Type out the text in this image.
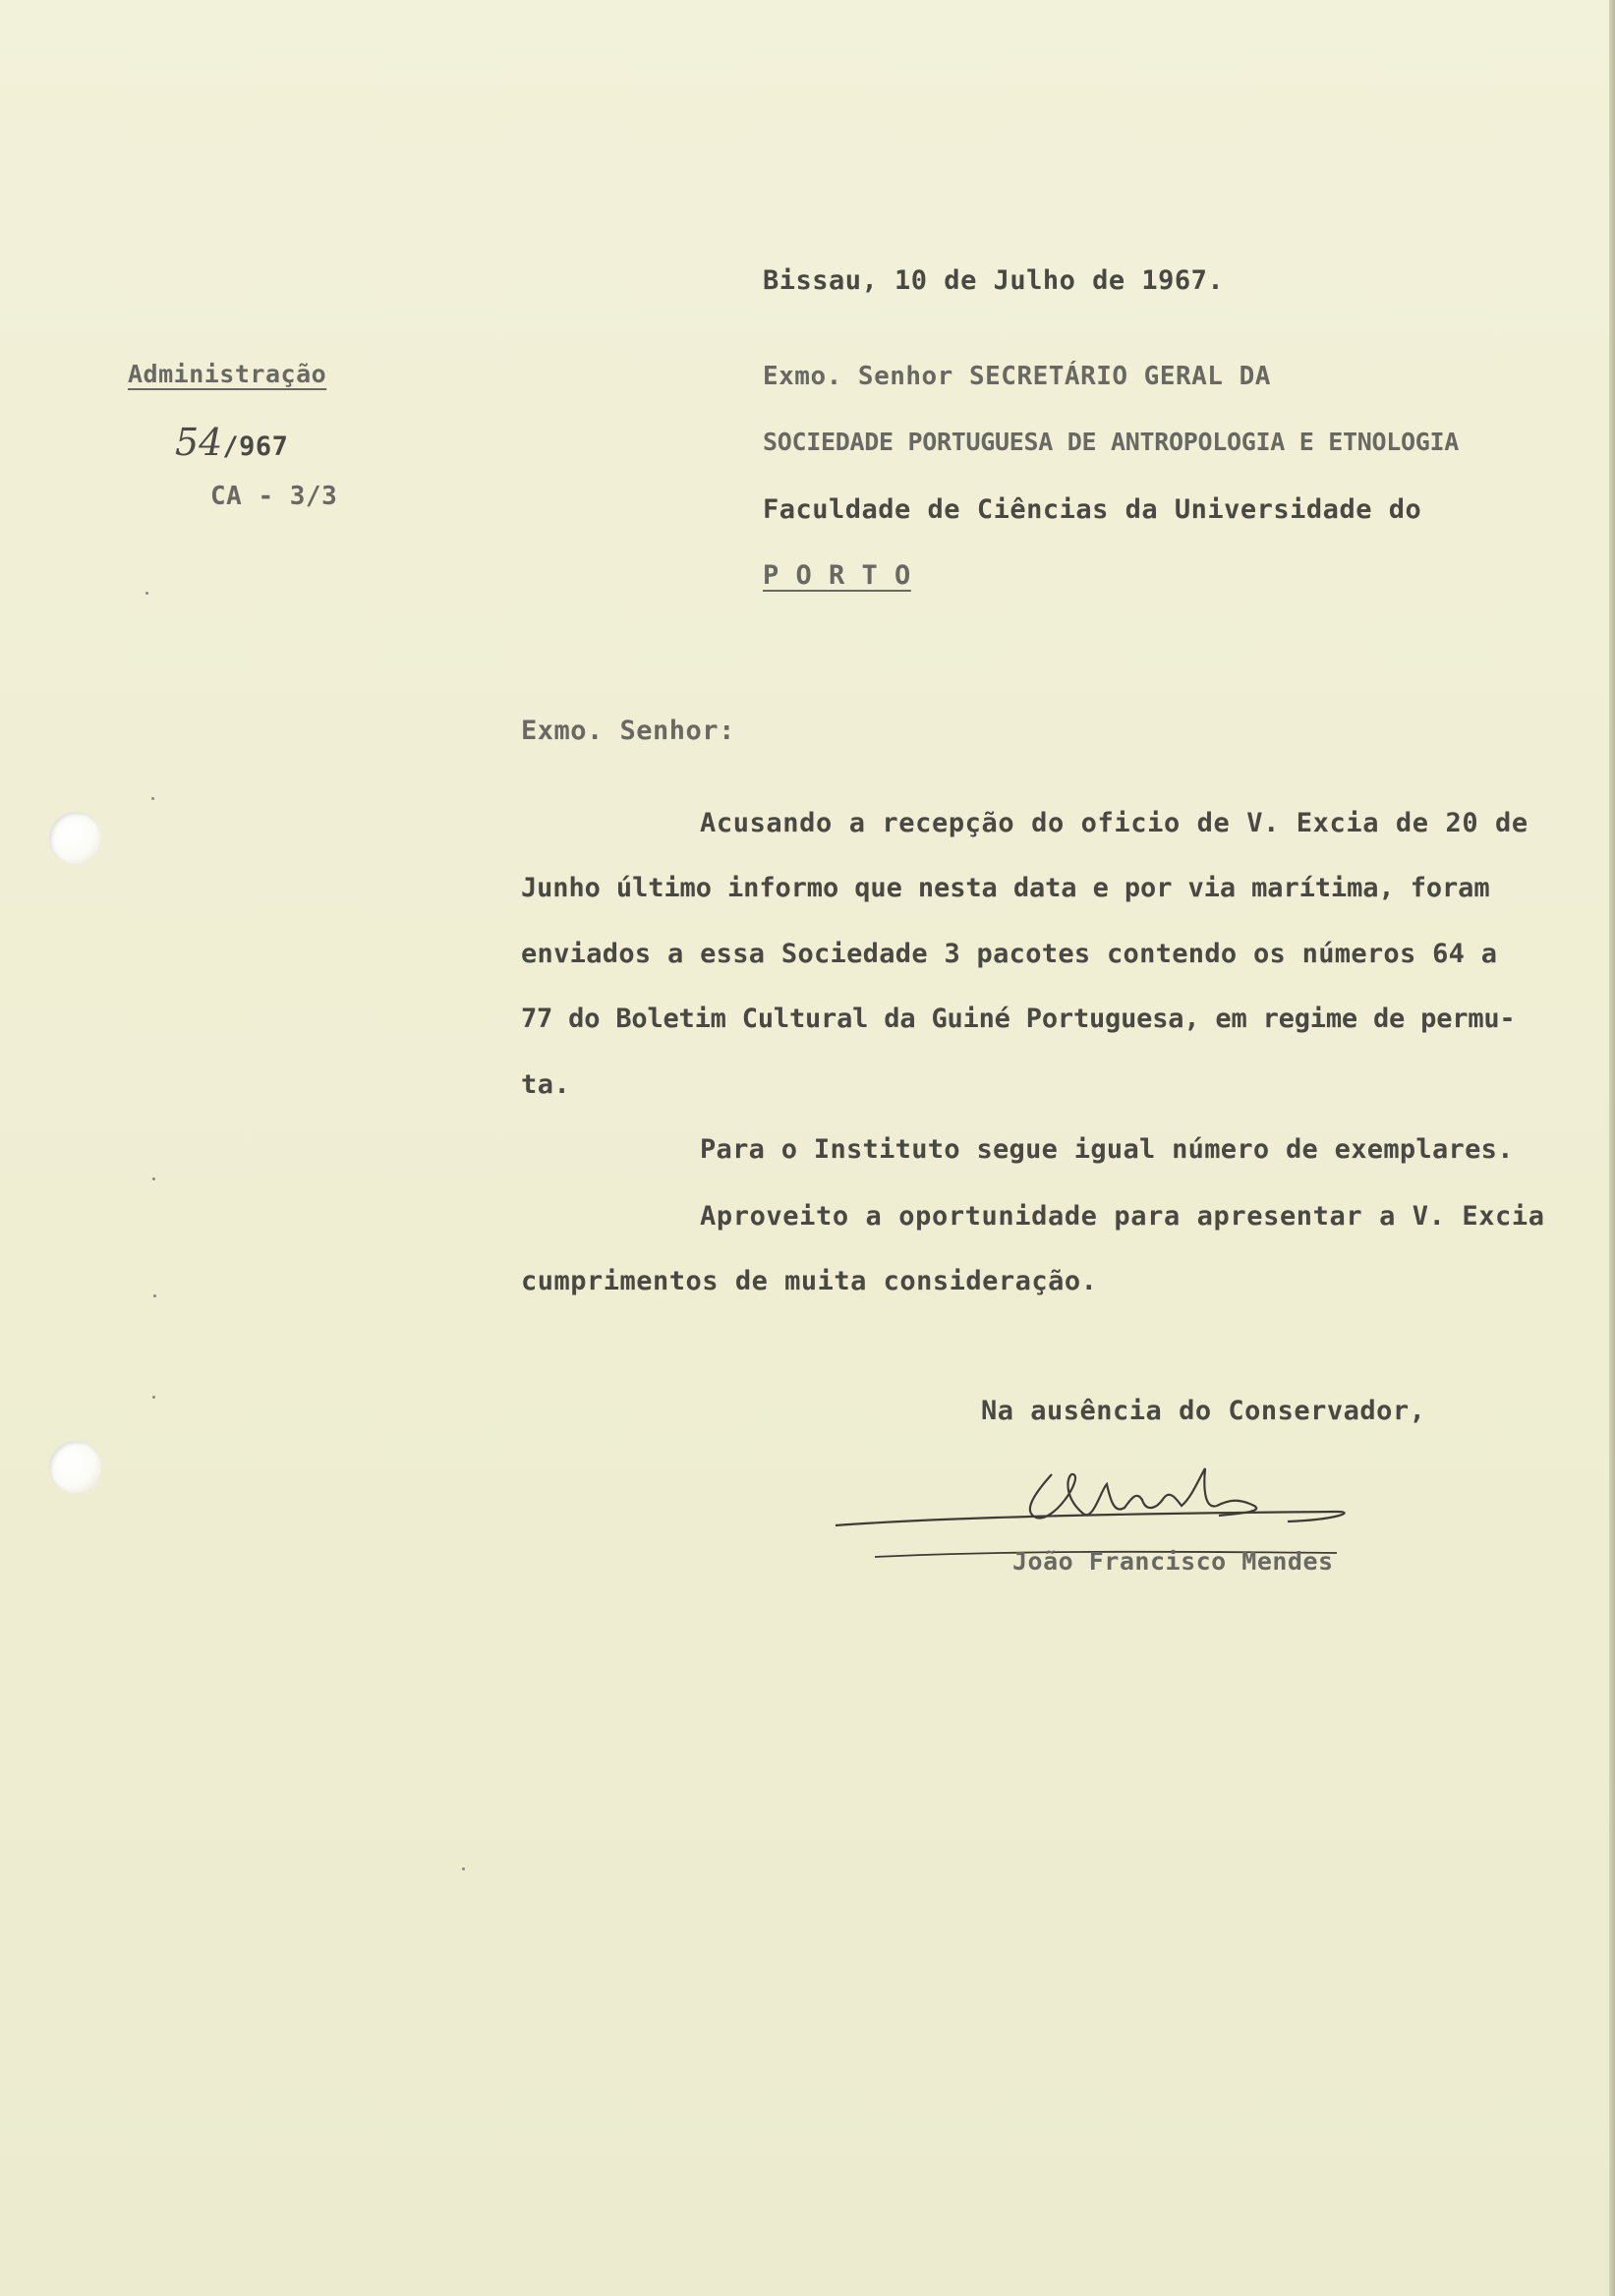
Bissau, 10 de Julho de 1967.
Administração
54/967
CA - 3/3
Exmo. Senhor SECRETÁRIO GERAL DA
SOCIEDADE PORTUGUESA DE ANTROPOLOGIA E ETNOLOGIA
Faculdade de Ciências da Universidade do
P O R T O
Exmo. Senhor:
Acusando a recepção do oficio de V. Excia de 20 de
Junho último informo que nesta data e por via marítima, foram
enviados a essa Sociedade 3 pacotes contendo os números 64 a
77 do Boletim Cultural da Guiné Portuguesa, em regime de permu-
ta.
Para o Instituto segue igual número de exemplares.
Aproveito a oportunidade para apresentar a V. Excia
cumprimentos de muita consideração.
Na ausência do Conservador,
João Francisco Mendes
